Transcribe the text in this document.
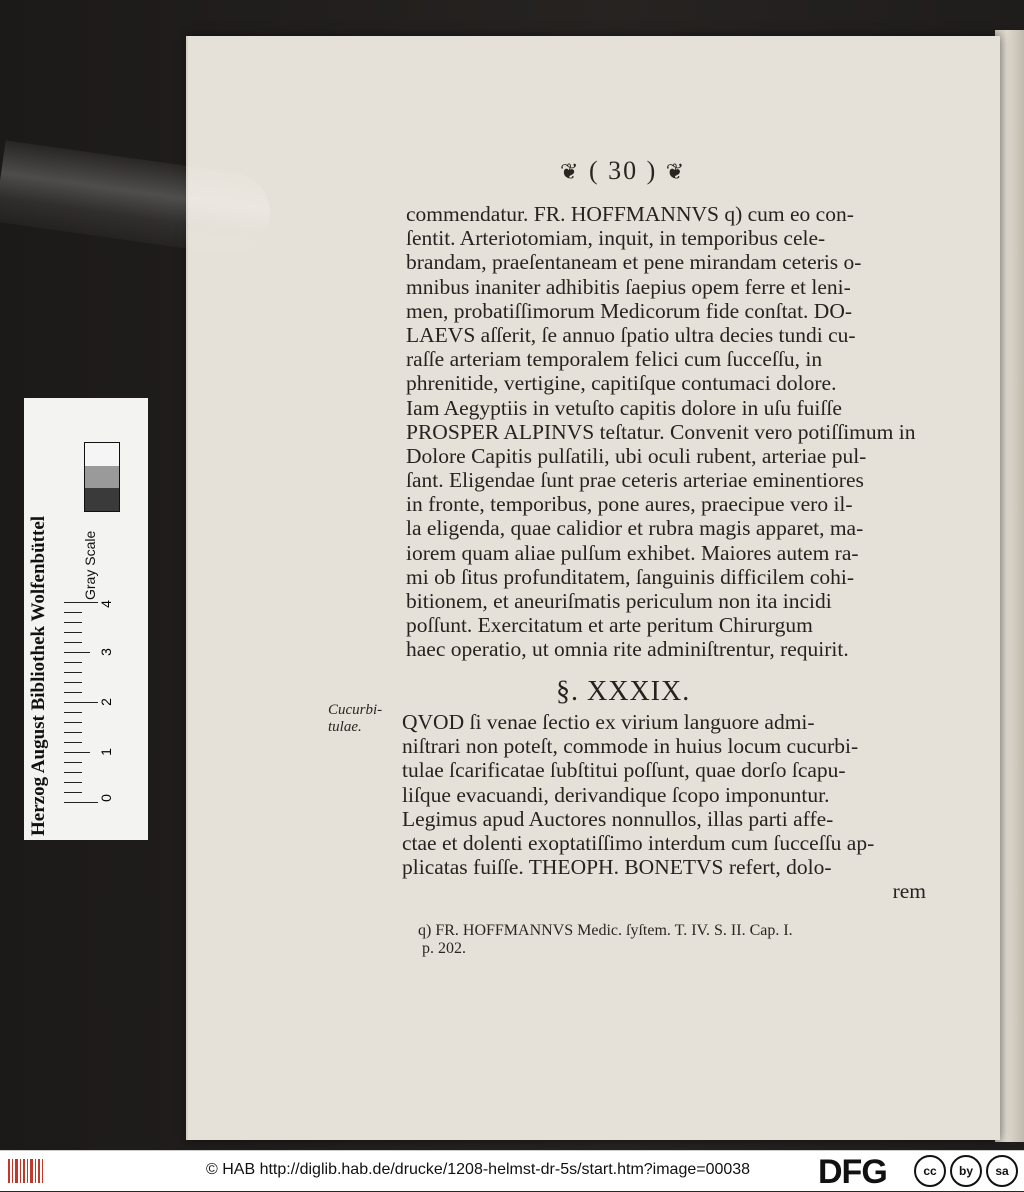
Herzog August Bibliothek Wolfenbüttel	Gray Scale
0
1
2
3
4
❦ ( 30 ) ❦
commendatur. FR. HOFFMANNVS q) cum eo con-
ſentit. Arteriotomiam, inquit, in temporibus cele-
brandam, praeſentaneam et pene mirandam ceteris o-
mnibus inaniter adhibitis ſaepius opem ferre et leni-
men, probatiſſimorum Medicorum fide conſtat. DO-
LAEVS aſſerit, ſe annuo ſpatio ultra decies tundi cu-
raſſe arteriam temporalem felici cum ſucceſſu, in
phrenitide, vertigine, capitiſque contumaci dolore.
Iam Aegyptiis in vetuſto capitis dolore in uſu fuiſſe
PROSPER ALPINVS teſtatur. Convenit vero potiſſimum in
Dolore Capitis pulſatili, ubi oculi rubent, arteriae pul-
ſant. Eligendae ſunt prae ceteris arteriae eminentiores
in fronte, temporibus, pone aures, praecipue vero il-
la eligenda, quae calidior et rubra magis apparet, ma-
iorem quam aliae pulſum exhibet. Maiores autem ra-
mi ob ſitus profunditatem, ſanguinis difficilem cohi-
bitionem, et aneuriſmatis periculum non ita incidi
poſſunt. Exercitatum et arte peritum Chirurgum
haec operatio, ut omnia rite adminiſtrentur, requirit.
§. XXXIX.
Cucurbi-
tulae.	QVOD ſi venae ſectio ex virium languore admi-
niſtrari non poteſt, commode in huius locum cucurbi-
tulae ſcarificatae ſubſtitui poſſunt, quae dorſo ſcapu-
liſque evacuandi, derivandique ſcopo imponuntur.
Legimus apud Auctores nonnullos, illas parti affe-
ctae et dolenti exoptatiſſimo interdum cum ſucceſſu ap-
plicatas fuiſſe. THEOPH. BONETVS refert, dolo-
rem
q) FR. HOFFMANNVS Medic. ſyſtem. T. IV. S. II. Cap. I.
p. 202.
© HAB http://diglib.hab.de/drucke/1208-helmst-dr-5s/start.htm?image=00038 DFG	cc	by	sa
